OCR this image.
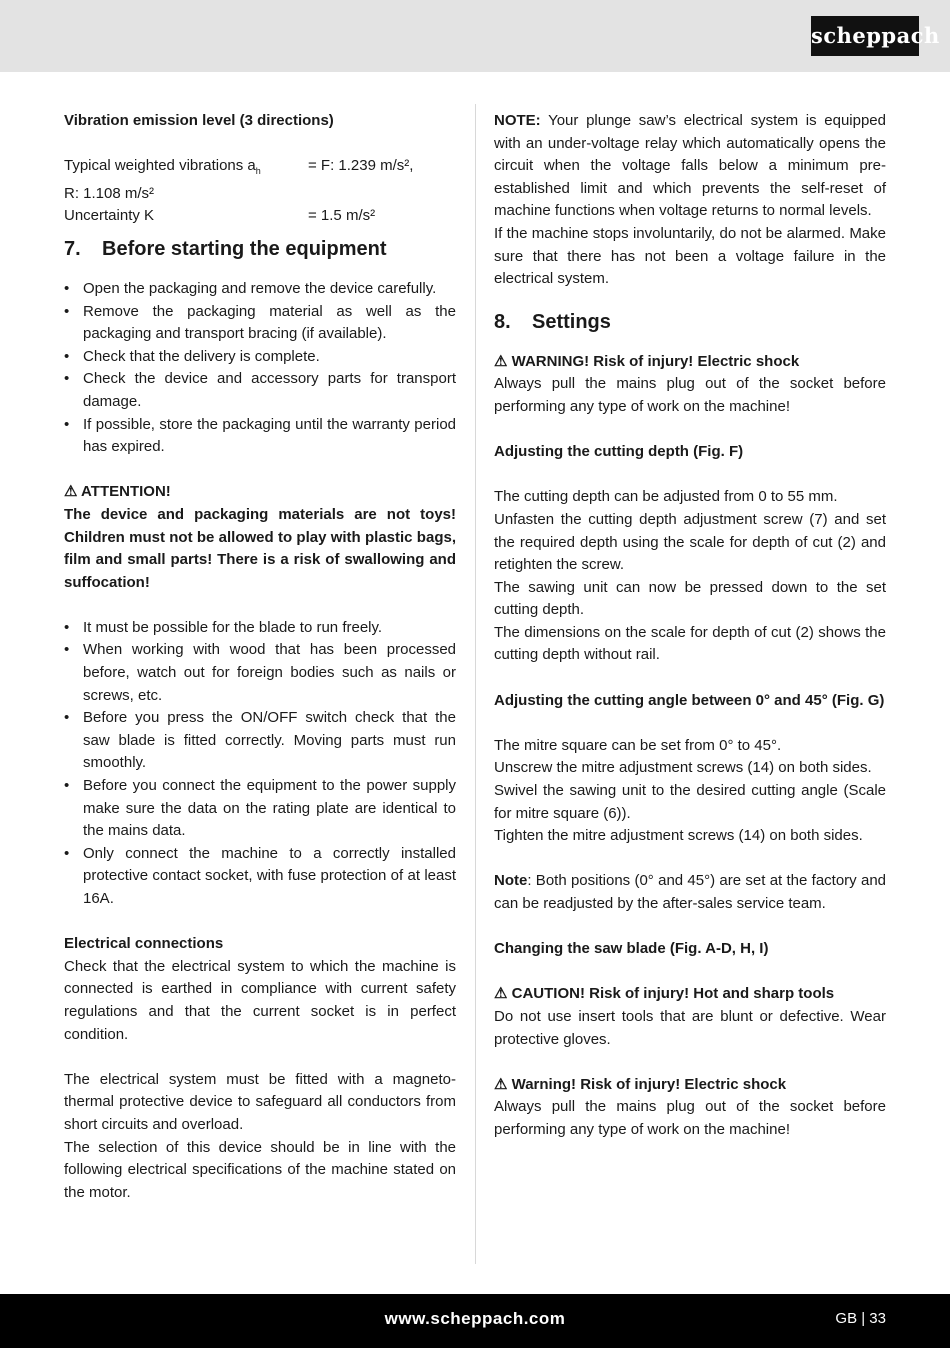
scheppach

Vibration emission level (3 directions)

Typical weighted vibrations $a_h$	= F: 1.239 m/s²,
R: 1.108 m/s²
Uncertainty K	= 1.5 m/s²
7. Before starting the equipment
• Open the packaging and remove the device carefully.
• Remove the packaging material as well as the packaging and transport bracing (if available).
• Check that the delivery is complete.
• Check the device and accessory parts for transport damage.
• If possible, store the packaging until the warranty period has expired.

⚠ ATTENTION!

The device and packaging materials are not toys! Children must not be allowed to play with plastic bags, film and small parts! There is a risk of swallowing and suffocation!

• It must be possible for the blade to run freely.
• When working with wood that has been processed before, watch out for foreign bodies such as nails or screws, etc.
• Before you press the ON/OFF switch check that the saw blade is fitted correctly. Moving parts must run smoothly.
• Before you connect the equipment to the power supply make sure the data on the rating plate are identical to the mains data.
• Only connect the machine to a correctly installed protective contact socket, with fuse protection of at least 16A.

Electrical connections

Check that the electrical system to which the machine is connected is earthed in compliance with current safety regulations and that the current socket is in perfect condition.

The electrical system must be fitted with a magneto-thermal protective device to safeguard all conductors from short circuits and overload.

The selection of this device should be in line with the following electrical specifications of the machine stated on the motor.

NOTE: Your plunge saw’s electrical system is equipped with an under-voltage relay which automatically opens the circuit when the voltage falls below a minimum pre-established limit and which prevents the self-reset of machine functions when voltage returns to normal levels.

If the machine stops involuntarily, do not be alarmed. Make sure that there has not been a voltage failure in the electrical system.

8. Settings

⚠ WARNING! Risk of injury! Electric shock

Always pull the mains plug out of the socket before performing any type of work on the machine!

Adjusting the cutting depth (Fig. F)

The cutting depth can be adjusted from 0 to 55 mm.

Unfasten the cutting depth adjustment screw (7) and set the required depth using the scale for depth of cut (2) and retighten the screw.

The sawing unit can now be pressed down to the set cutting depth.

The dimensions on the scale for depth of cut (2) shows the cutting depth without rail.

Adjusting the cutting angle between 0° and 45° (Fig. G)

The mitre square can be set from 0° to 45°.

Unscrew the mitre adjustment screws (14) on both sides.

Swivel the sawing unit to the desired cutting angle (Scale for mitre square (6)).

Tighten the mitre adjustment screws (14) on both sides.

Note: Both positions (0° and 45°) are set at the factory and can be readjusted by the after-sales service team.

Changing the saw blade (Fig. A-D, H, I)

⚠ CAUTION! Risk of injury! Hot and sharp tools

Do not use insert tools that are blunt or defective. Wear protective gloves.

⚠ Warning! Risk of injury! Electric shock

Always pull the mains plug out of the socket before performing any type of work on the machine!

www.scheppach.com	GB | 33
